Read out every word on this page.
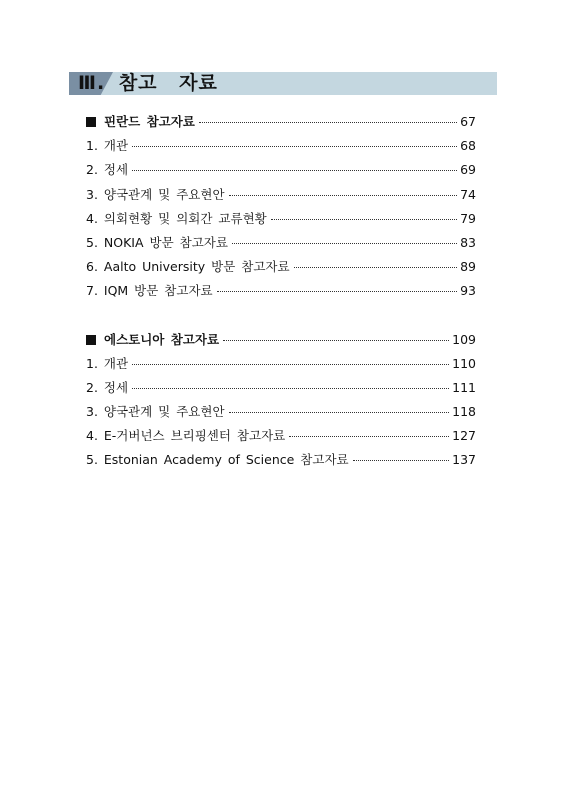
Ⅲ. 참고 자료
핀란드 참고자료	67
1. 개관	68
2. 정세	69
3. 양국관계 및 주요현안	74
4. 의회현황 및 의회간 교류현황	79
5. NOKIA 방문 참고자료	83
6. Aalto University 방문 참고자료	89
7. IQM 방문 참고자료	93
에스토니아 참고자료	109
1. 개관	110
2. 정세	111
3. 양국관계 및 주요현안	118
4. E-거버넌스 브리핑센터 참고자료	127
5. Estonian Academy of Science 참고자료	137
